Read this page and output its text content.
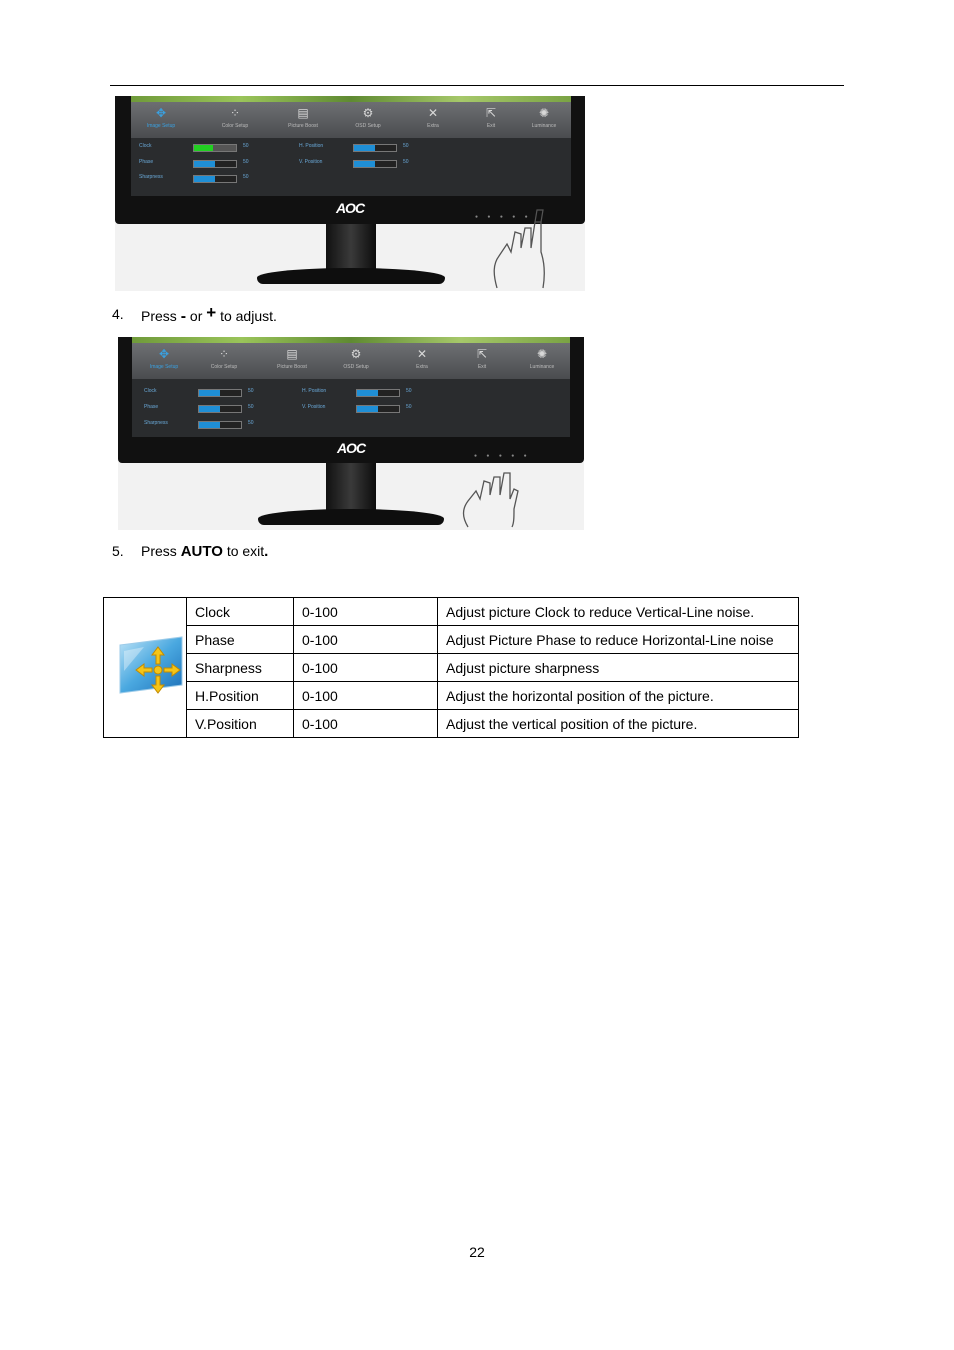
✥
Image Setup
⁘
Color Setup
▤
Picture Boost
⚙
OSD Setup
✕
Extra
⇱
Exit
✺
Luminance
Clock	50
Phase	50
Sharpness	50
H. Position	50
V. Position	50
AOC
● ● ● ● ●
4. Press - or + to adjust.
✥
Image Setup
⁘
Color Setup
▤
Picture Boost
⚙
OSD Setup
✕
Extra
⇱
Exit
✺
Luminance
Clock	50
Phase	50
Sharpness	50
H. Position	50
V. Position	50
AOC	● ● ● ● ●
5. Press AUTO to exit.
	Clock	0-100	Adjust picture Clock to reduce Vertical-Line noise.
	Phase	0-100	Adjust Picture Phase to reduce Horizontal-Line noise
	Sharpness	0-100	Adjust picture sharpness
	H.Position	0-100	Adjust the horizontal position of the picture.
	V.Position	0-100	Adjust the vertical position of the picture.
22
